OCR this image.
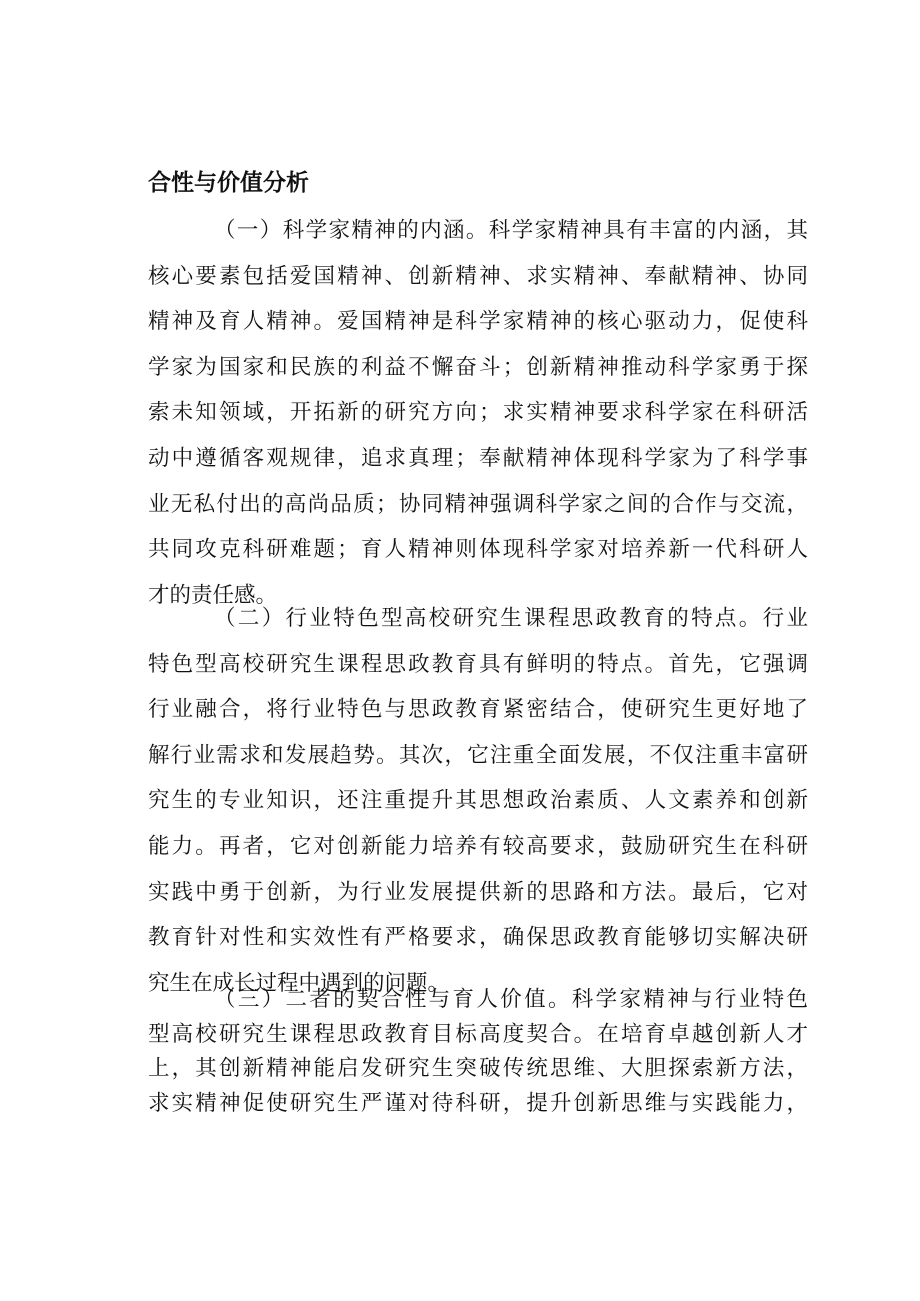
合性与价值分析
（一）科学家精神的内涵。科学家精神具有丰富的内涵，其
核心要素包括爱国精神、创新精神、求实精神、奉献精神、协同
精神及育人精神。爱国精神是科学家精神的核心驱动力，促使科
学家为国家和民族的利益不懈奋斗；创新精神推动科学家勇于探
索未知领域，开拓新的研究方向；求实精神要求科学家在科研活
动中遵循客观规律，追求真理；奉献精神体现科学家为了科学事
业无私付出的高尚品质；协同精神强调科学家之间的合作与交流，
共同攻克科研难题；育人精神则体现科学家对培养新一代科研人
才的责任感。
（二）行业特色型高校研究生课程思政教育的特点。行业
特色型高校研究生课程思政教育具有鲜明的特点。首先，它强调
行业融合，将行业特色与思政教育紧密结合，使研究生更好地了
解行业需求和发展趋势。其次，它注重全面发展，不仅注重丰富研
究生的专业知识，还注重提升其思想政治素质、人文素养和创新
能力。再者，它对创新能力培养有较高要求，鼓励研究生在科研
实践中勇于创新，为行业发展提供新的思路和方法。最后，它对
教育针对性和实效性有严格要求，确保思政教育能够切实解决研
究生在成长过程中遇到的问题。
（三）二者的契合性与育人价值。科学家精神与行业特色
型高校研究生课程思政教育目标高度契合。在培育卓越创新人才
上，其创新精神能启发研究生突破传统思维、大胆探索新方法，
求实精神促使研究生严谨对待科研，提升创新思维与实践能力，
